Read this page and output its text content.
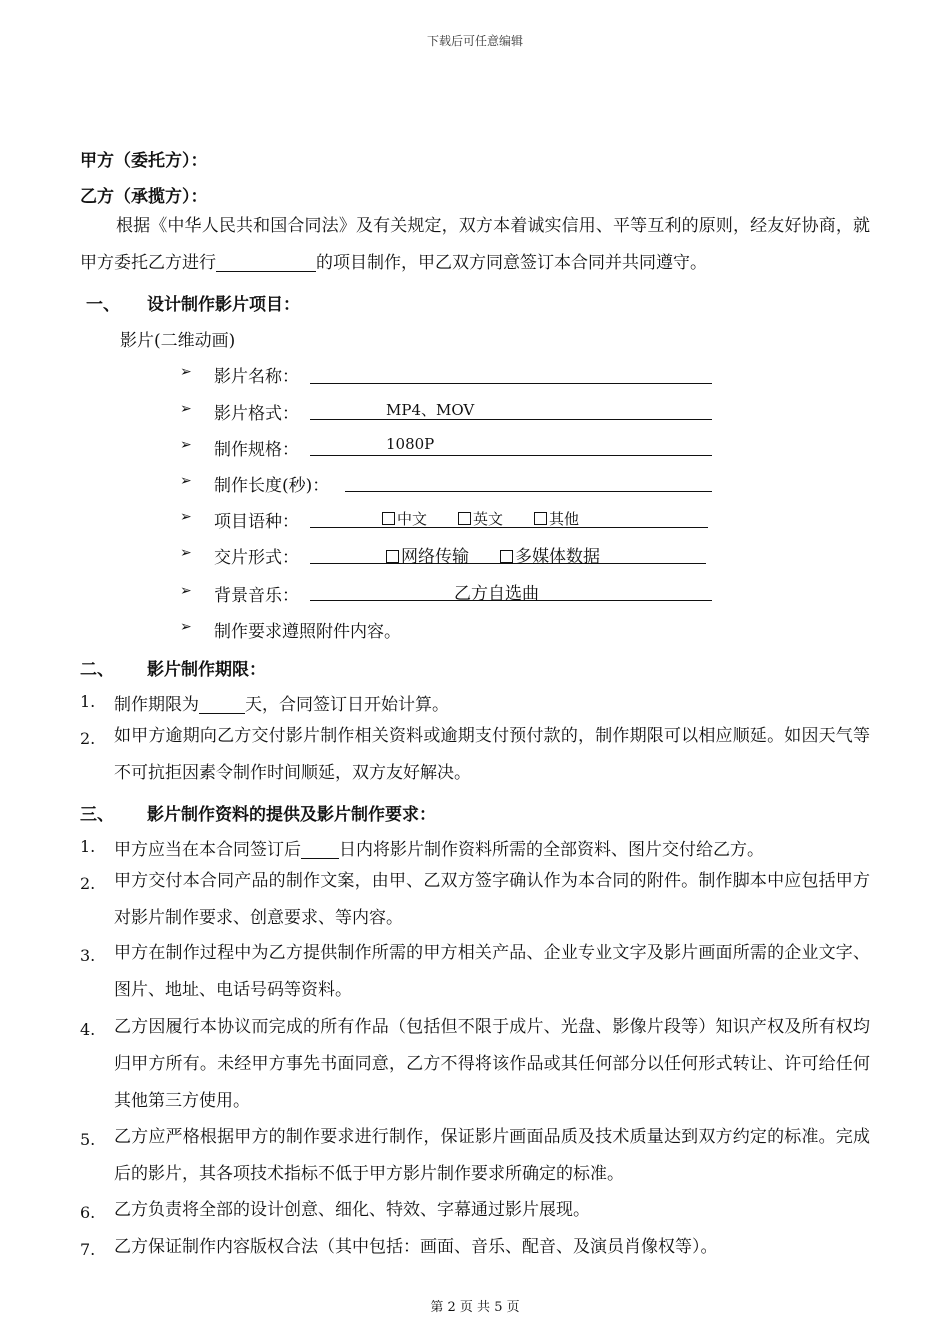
下载后可任意编辑
甲方（委托方）：
乙方（承揽方）：
根据《中华人民共和国合同法》及有关规定，双方本着诚实信用、平等互利的原则，经友好协商，就甲方委托乙方进行	的项目制作，甲乙双方同意签订本合同并共同遵守。
一、 设计制作影片项目：
影片(二维动画)
➢ 影片名称：
➢ 影片格式：	MP4、MOV
➢ 制作规格：	1080P
➢ 制作长度(秒)：
➢ 项目语种：	中文	英文	其他
➢ 交片形式：	网络传输	多媒体数据
➢ 背景音乐：	乙方自选曲
➢ 制作要求遵照附件内容。
二、 影片制作期限：
1. 制作期限为	天，合同签订日开始计算。
2. 如甲方逾期向乙方交付影片制作相关资料或逾期支付预付款的，制作期限可以相应顺延。如因天气等不可抗拒因素令制作时间顺延，双方友好解决。
三、 影片制作资料的提供及影片制作要求：
1. 甲方应当在本合同签订后 日内将影片制作资料所需的全部资料、图片交付给乙方。
2. 甲方交付本合同产品的制作文案，由甲、乙双方签字确认作为本合同的附件。制作脚本中应包括甲方对影片制作要求、创意要求、等内容。
3. 甲方在制作过程中为乙方提供制作所需的甲方相关产品、企业专业文字及影片画面所需的企业文字、图片、地址、电话号码等资料。
4. 乙方因履行本协议而完成的所有作品（包括但不限于成片、光盘、影像片段等）知识产权及所有权均归甲方所有。未经甲方事先书面同意，乙方不得将该作品或其任何部分以任何形式转让、许可给任何其他第三方使用。
5. 乙方应严格根据甲方的制作要求进行制作，保证影片画面品质及技术质量达到双方约定的标准。完成后的影片，其各项技术指标不低于甲方影片制作要求所确定的标准。
6. 乙方负责将全部的设计创意、细化、特效、字幕通过影片展现。
7. 乙方保证制作内容版权合法（其中包括：画面、音乐、配音、及演员肖像权等）。
第 2 页 共 5 页
